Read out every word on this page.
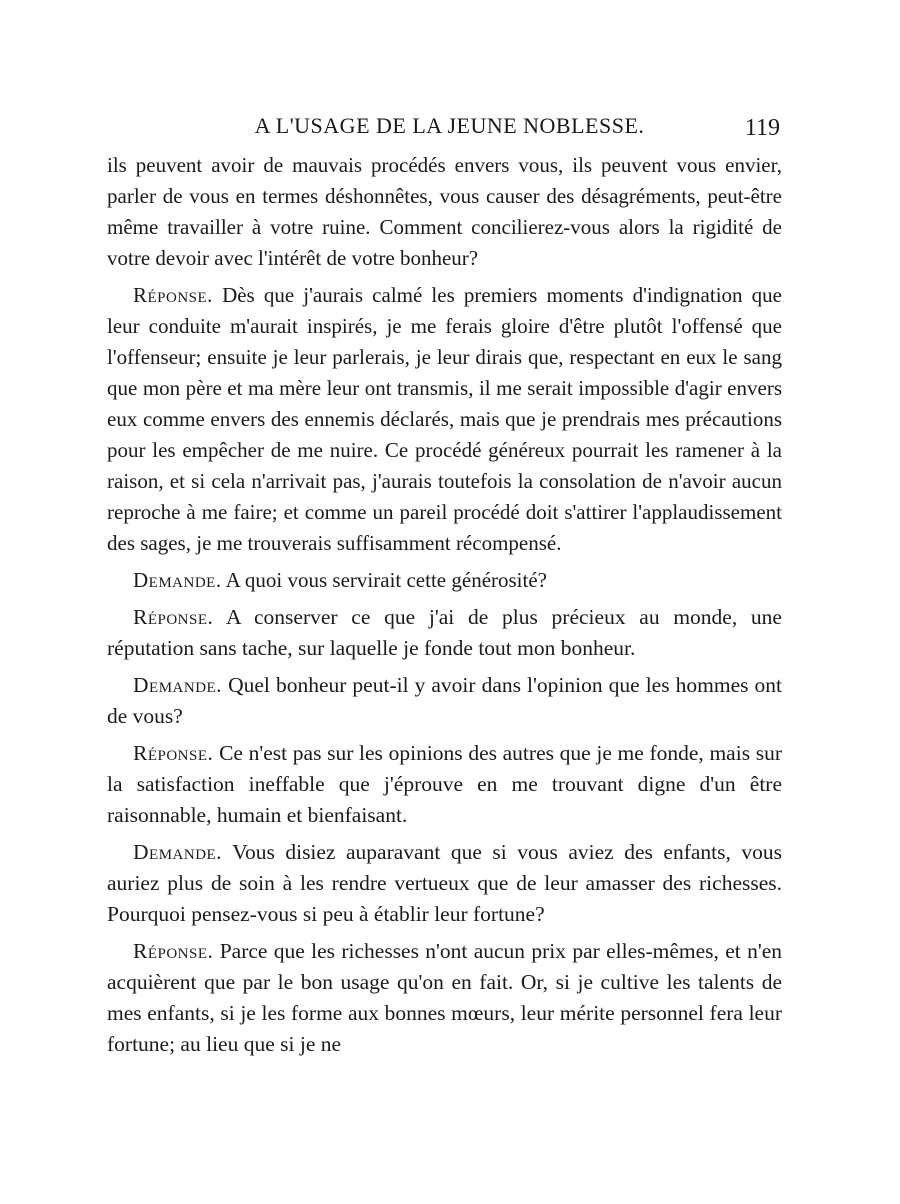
A L'USAGE DE LA JEUNE NOBLESSE.	119

ils peuvent avoir de mauvais procédés envers vous, ils peuvent vous envier, parler de vous en termes déshonnêtes, vous causer des désagréments, peut-être même travailler à votre ruine. Comment concilierez-vous alors la rigidité de votre devoir avec l'intérêt de votre bonheur?

Réponse. Dès que j'aurais calmé les premiers moments d'indignation que leur conduite m'aurait inspirés, je me ferais gloire d'être plutôt l'offensé que l'offenseur; ensuite je leur parlerais, je leur dirais que, respectant en eux le sang que mon père et ma mère leur ont transmis, il me serait impossible d'agir envers eux comme envers des ennemis déclarés, mais que je prendrais mes précautions pour les empêcher de me nuire. Ce procédé généreux pourrait les ramener à la raison, et si cela n'arrivait pas, j'aurais toutefois la consolation de n'avoir aucun reproche à me faire; et comme un pareil procédé doit s'attirer l'applaudissement des sages, je me trouverais suffisamment récompensé.

Demande. A quoi vous servirait cette générosité?

Réponse. A conserver ce que j'ai de plus précieux au monde, une réputation sans tache, sur laquelle je fonde tout mon bonheur.

Demande. Quel bonheur peut-il y avoir dans l'opinion que les hommes ont de vous?

Réponse. Ce n'est pas sur les opinions des autres que je me fonde, mais sur la satisfaction ineffable que j'éprouve en me trouvant digne d'un être raisonnable, humain et bienfaisant.

Demande. Vous disiez auparavant que si vous aviez des enfants, vous auriez plus de soin à les rendre vertueux que de leur amasser des richesses. Pourquoi pensez-vous si peu à établir leur fortune?

Réponse. Parce que les richesses n'ont aucun prix par elles-mêmes, et n'en acquièrent que par le bon usage qu'on en fait. Or, si je cultive les talents de mes enfants, si je les forme aux bonnes mœurs, leur mérite personnel fera leur fortune; au lieu que si je ne
